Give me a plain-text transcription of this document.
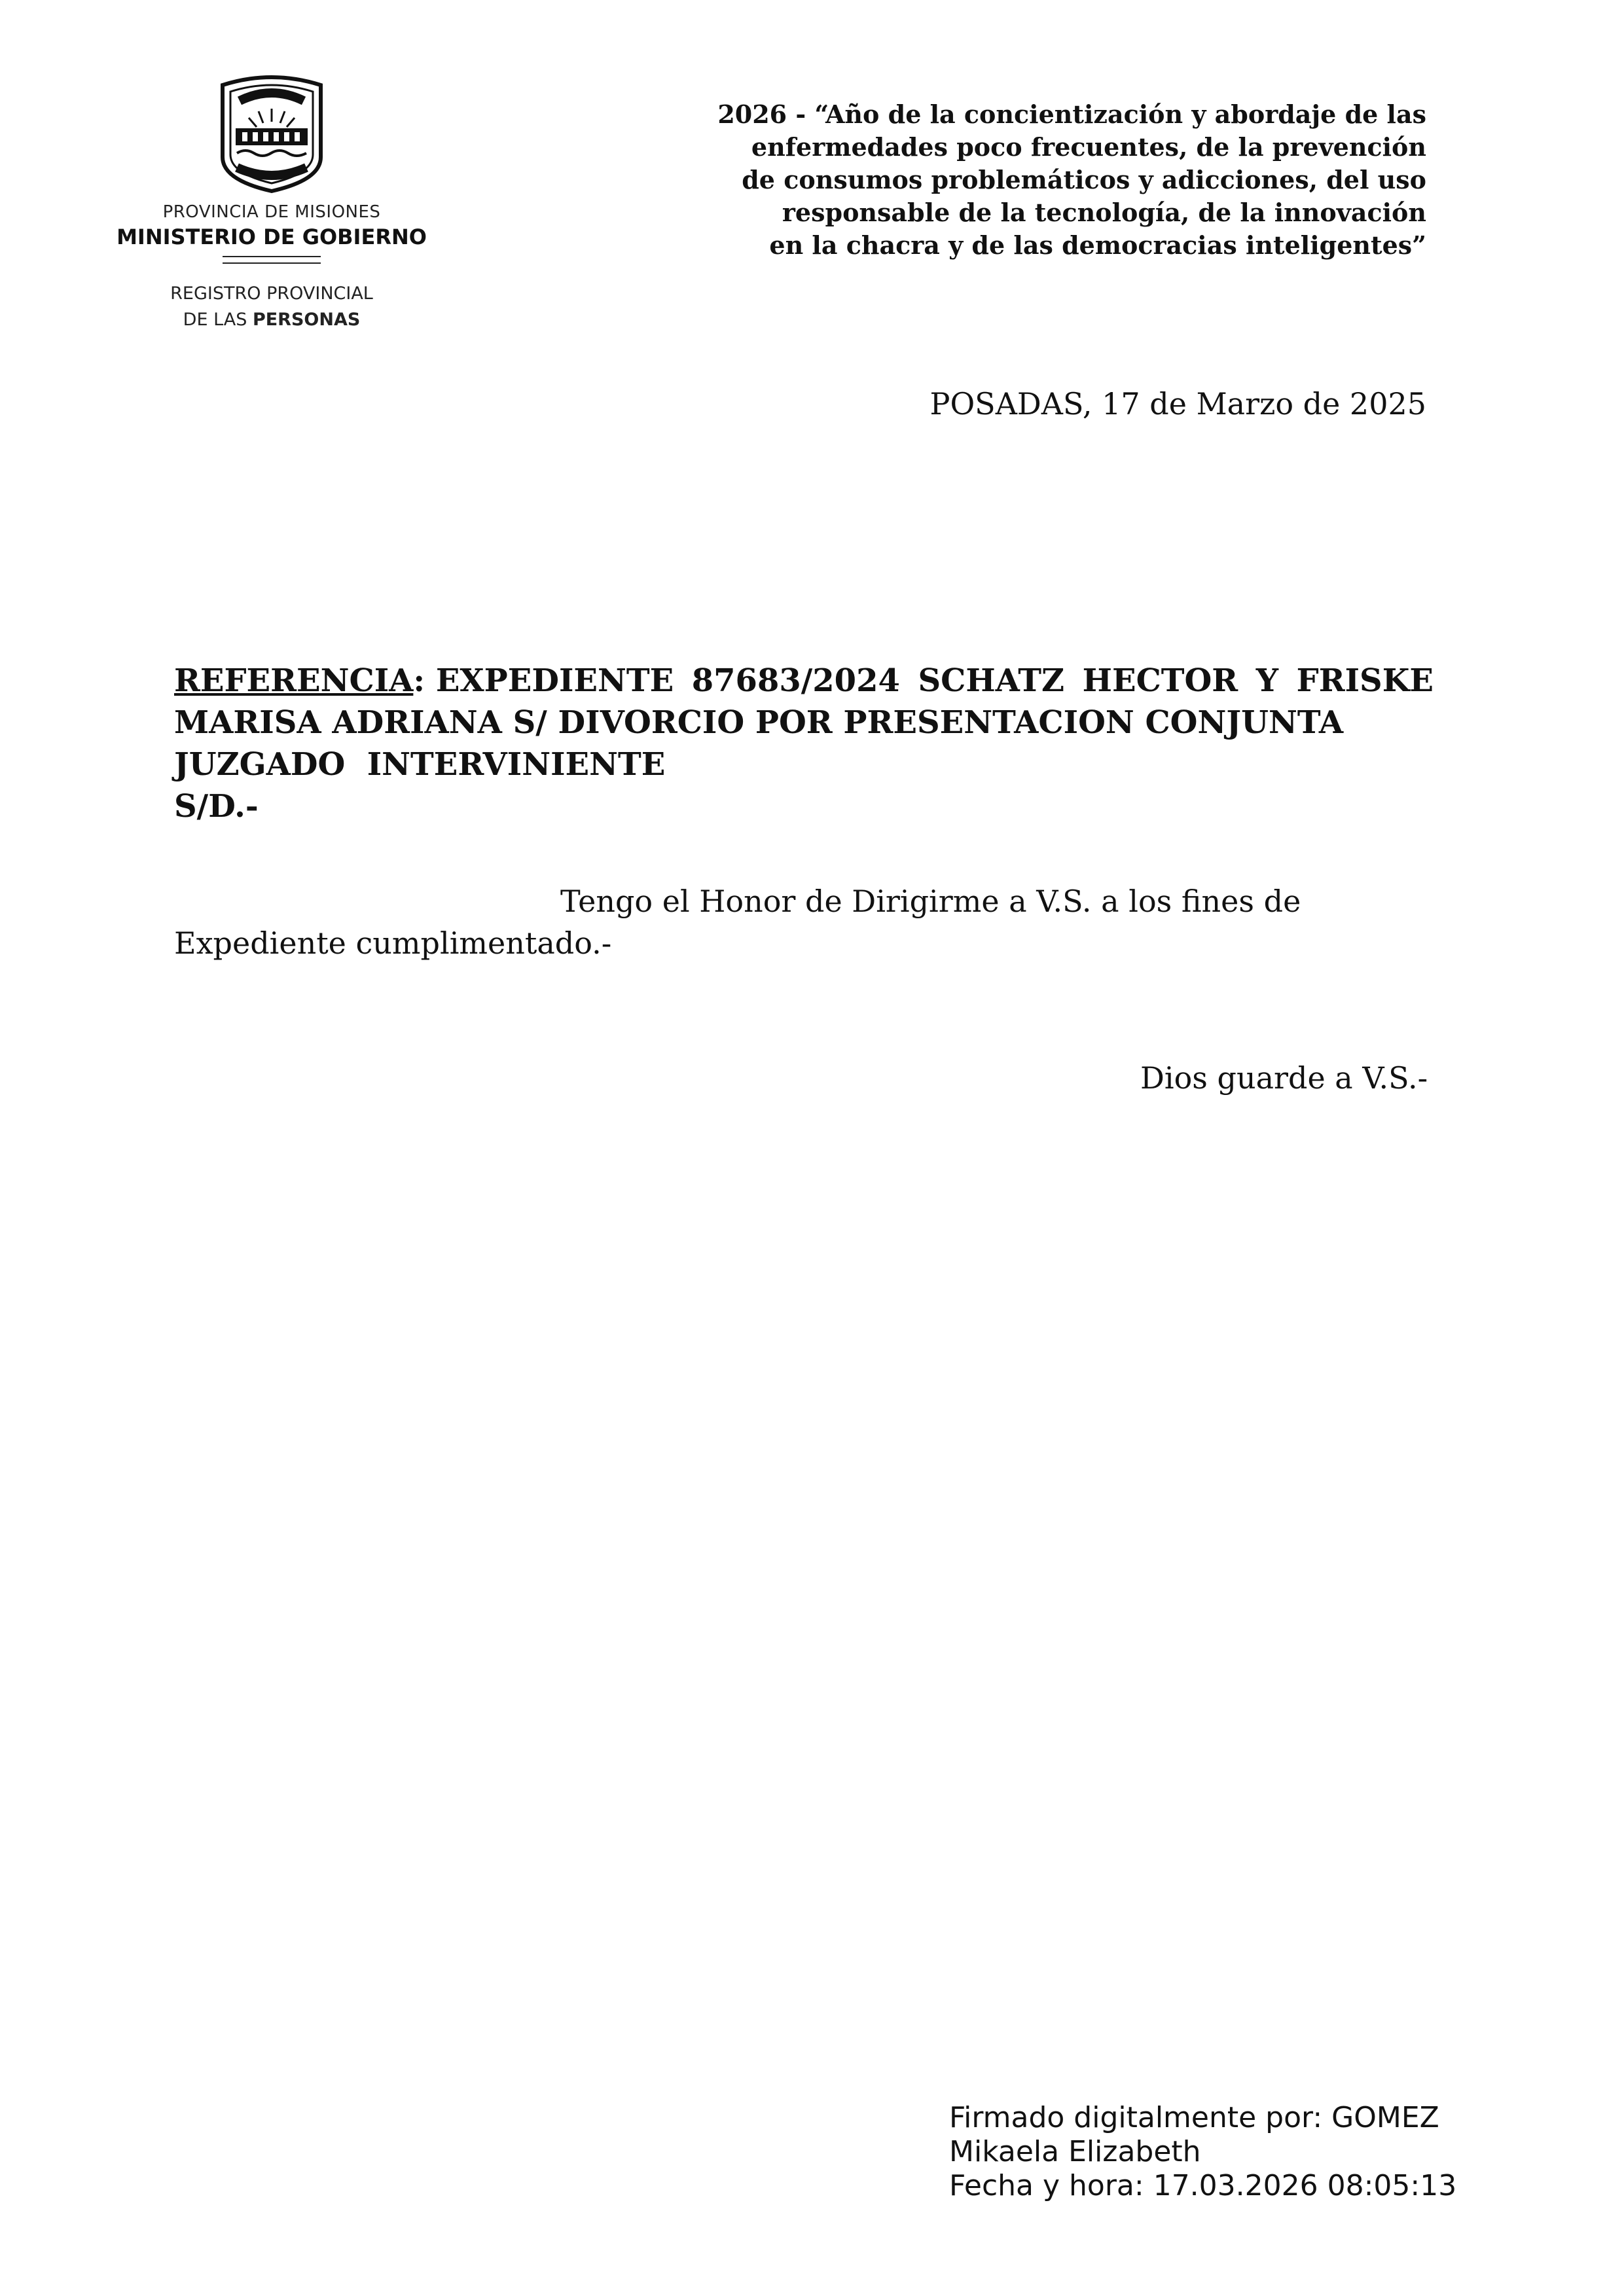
PROVINCIA DE MISIONES
MINISTERIO DE GOBIERNO
REGISTRO PROVINCIAL
DE LAS PERSONAS
2026 - “Año de la concientización y abordaje de las
enfermedades poco frecuentes, de la prevención
de consumos problemáticos y adicciones, del uso
responsable de la tecnología, de la innovación
en la chacra y de las democracias inteligentes”
POSADAS, 17 de Marzo de 2025
REFERENCIA: EXPEDIENTE 87683/2024 SCHATZ HECTOR Y FRISKE
MARISA ADRIANA S/ DIVORCIO POR PRESENTACION CONJUNTA
JUZGADO  INTERVINIENTE
S/D.-
Tengo el Honor de Dirigirme a V.S. a los fines de
Expediente cumplimentado.-
Dios guarde a V.S.-
Firmado digitalmente por: GOMEZ
Mikaela Elizabeth
Fecha y hora: 17.03.2026 08:05:13
